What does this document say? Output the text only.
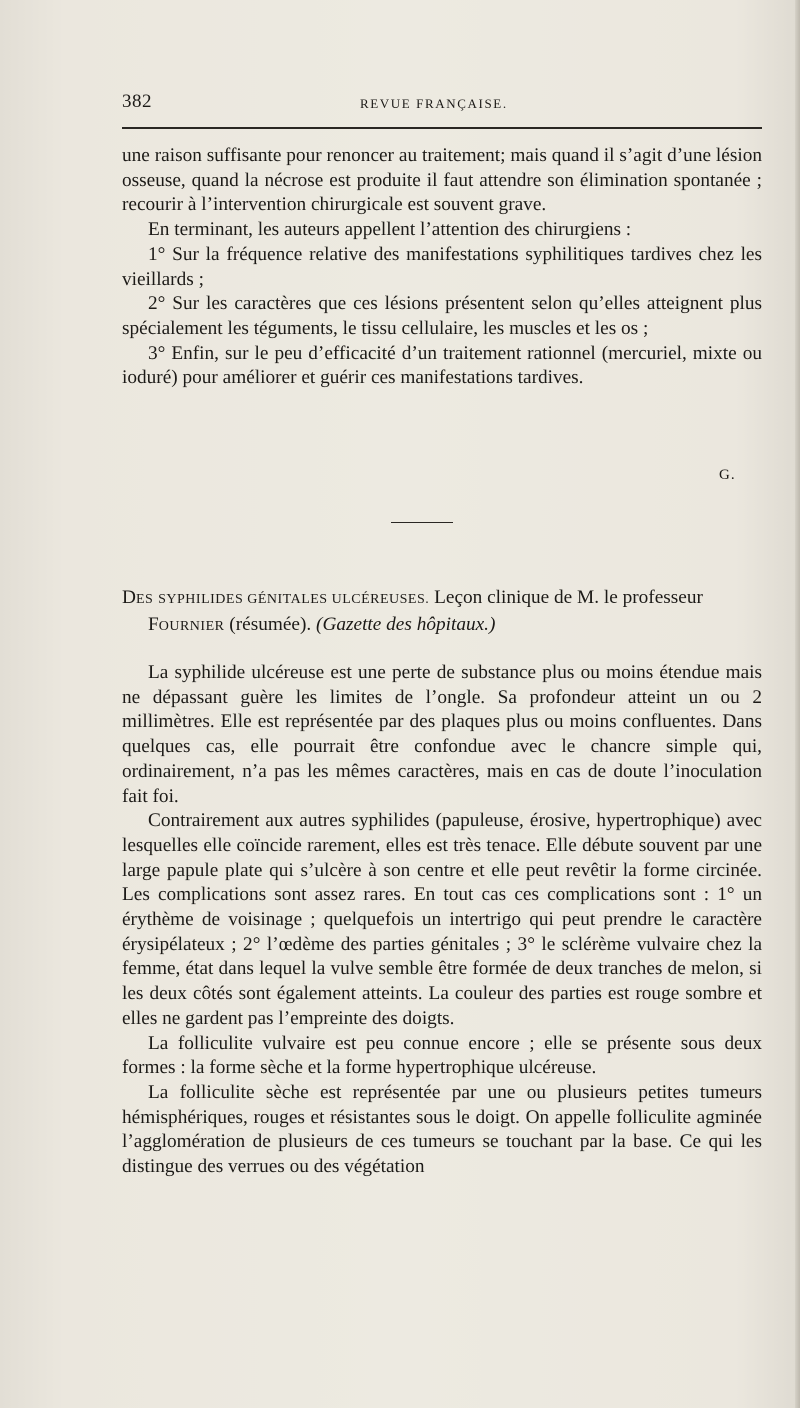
382	REVUE FRANÇAISE.

une raison suffisante pour renoncer au traitement; mais quand il s’agit d’une lésion osseuse, quand la nécrose est produite il faut attendre son élimination spontanée ; recourir à l’intervention chirurgicale est souvent grave.

En terminant, les auteurs appellent l’attention des chirurgiens :

1° Sur la fréquence relative des manifestations syphilitiques tardives chez les vieillards ;

2° Sur les caractères que ces lésions présentent selon qu’elles atteignent plus spécialement les téguments, le tissu cellulaire, les muscles et les os ;

3° Enfin, sur le peu d’efficacité d’un traitement rationnel (mercuriel, mixte ou ioduré) pour améliorer et guérir ces manifestations tardives.

G.
DES SYPHILIDES GÉNITALES ULCÉREUSES. Leçon clinique de M. le professeur
FOURNIER (résumée). (Gazette des hôpitaux.)

La syphilide ulcéreuse est une perte de substance plus ou moins étendue mais ne dépassant guère les limites de l’ongle. Sa profondeur atteint un ou 2 millimètres. Elle est représentée par des plaques plus ou moins confluentes. Dans quelques cas, elle pourrait être confondue avec le chancre simple qui, ordinairement, n’a pas les mêmes caractères, mais en cas de doute l’inoculation fait foi.

Contrairement aux autres syphilides (papuleuse, érosive, hypertrophique) avec lesquelles elle coïncide rarement, elles est très tenace. Elle débute souvent par une large papule plate qui s’ulcère à son centre et elle peut revêtir la forme circinée. Les complications sont assez rares. En tout cas ces complications sont : 1° un érythème de voisinage ; quelquefois un intertrigo qui peut prendre le caractère érysipélateux ; 2° l’œdème des parties génitales ; 3° le sclérème vulvaire chez la femme, état dans lequel la vulve semble être formée de deux tranches de melon, si les deux côtés sont également atteints. La couleur des parties est rouge sombre et elles ne gardent pas l’empreinte des doigts.

La folliculite vulvaire est peu connue encore ; elle se présente sous deux formes : la forme sèche et la forme hypertrophique ulcéreuse.

La folliculite sèche est représentée par une ou plusieurs petites tumeurs hémisphériques, rouges et résistantes sous le doigt. On appelle folliculite agminée l’agglomération de plusieurs de ces tumeurs se touchant par la base. Ce qui les distingue des verrues ou des végétation
